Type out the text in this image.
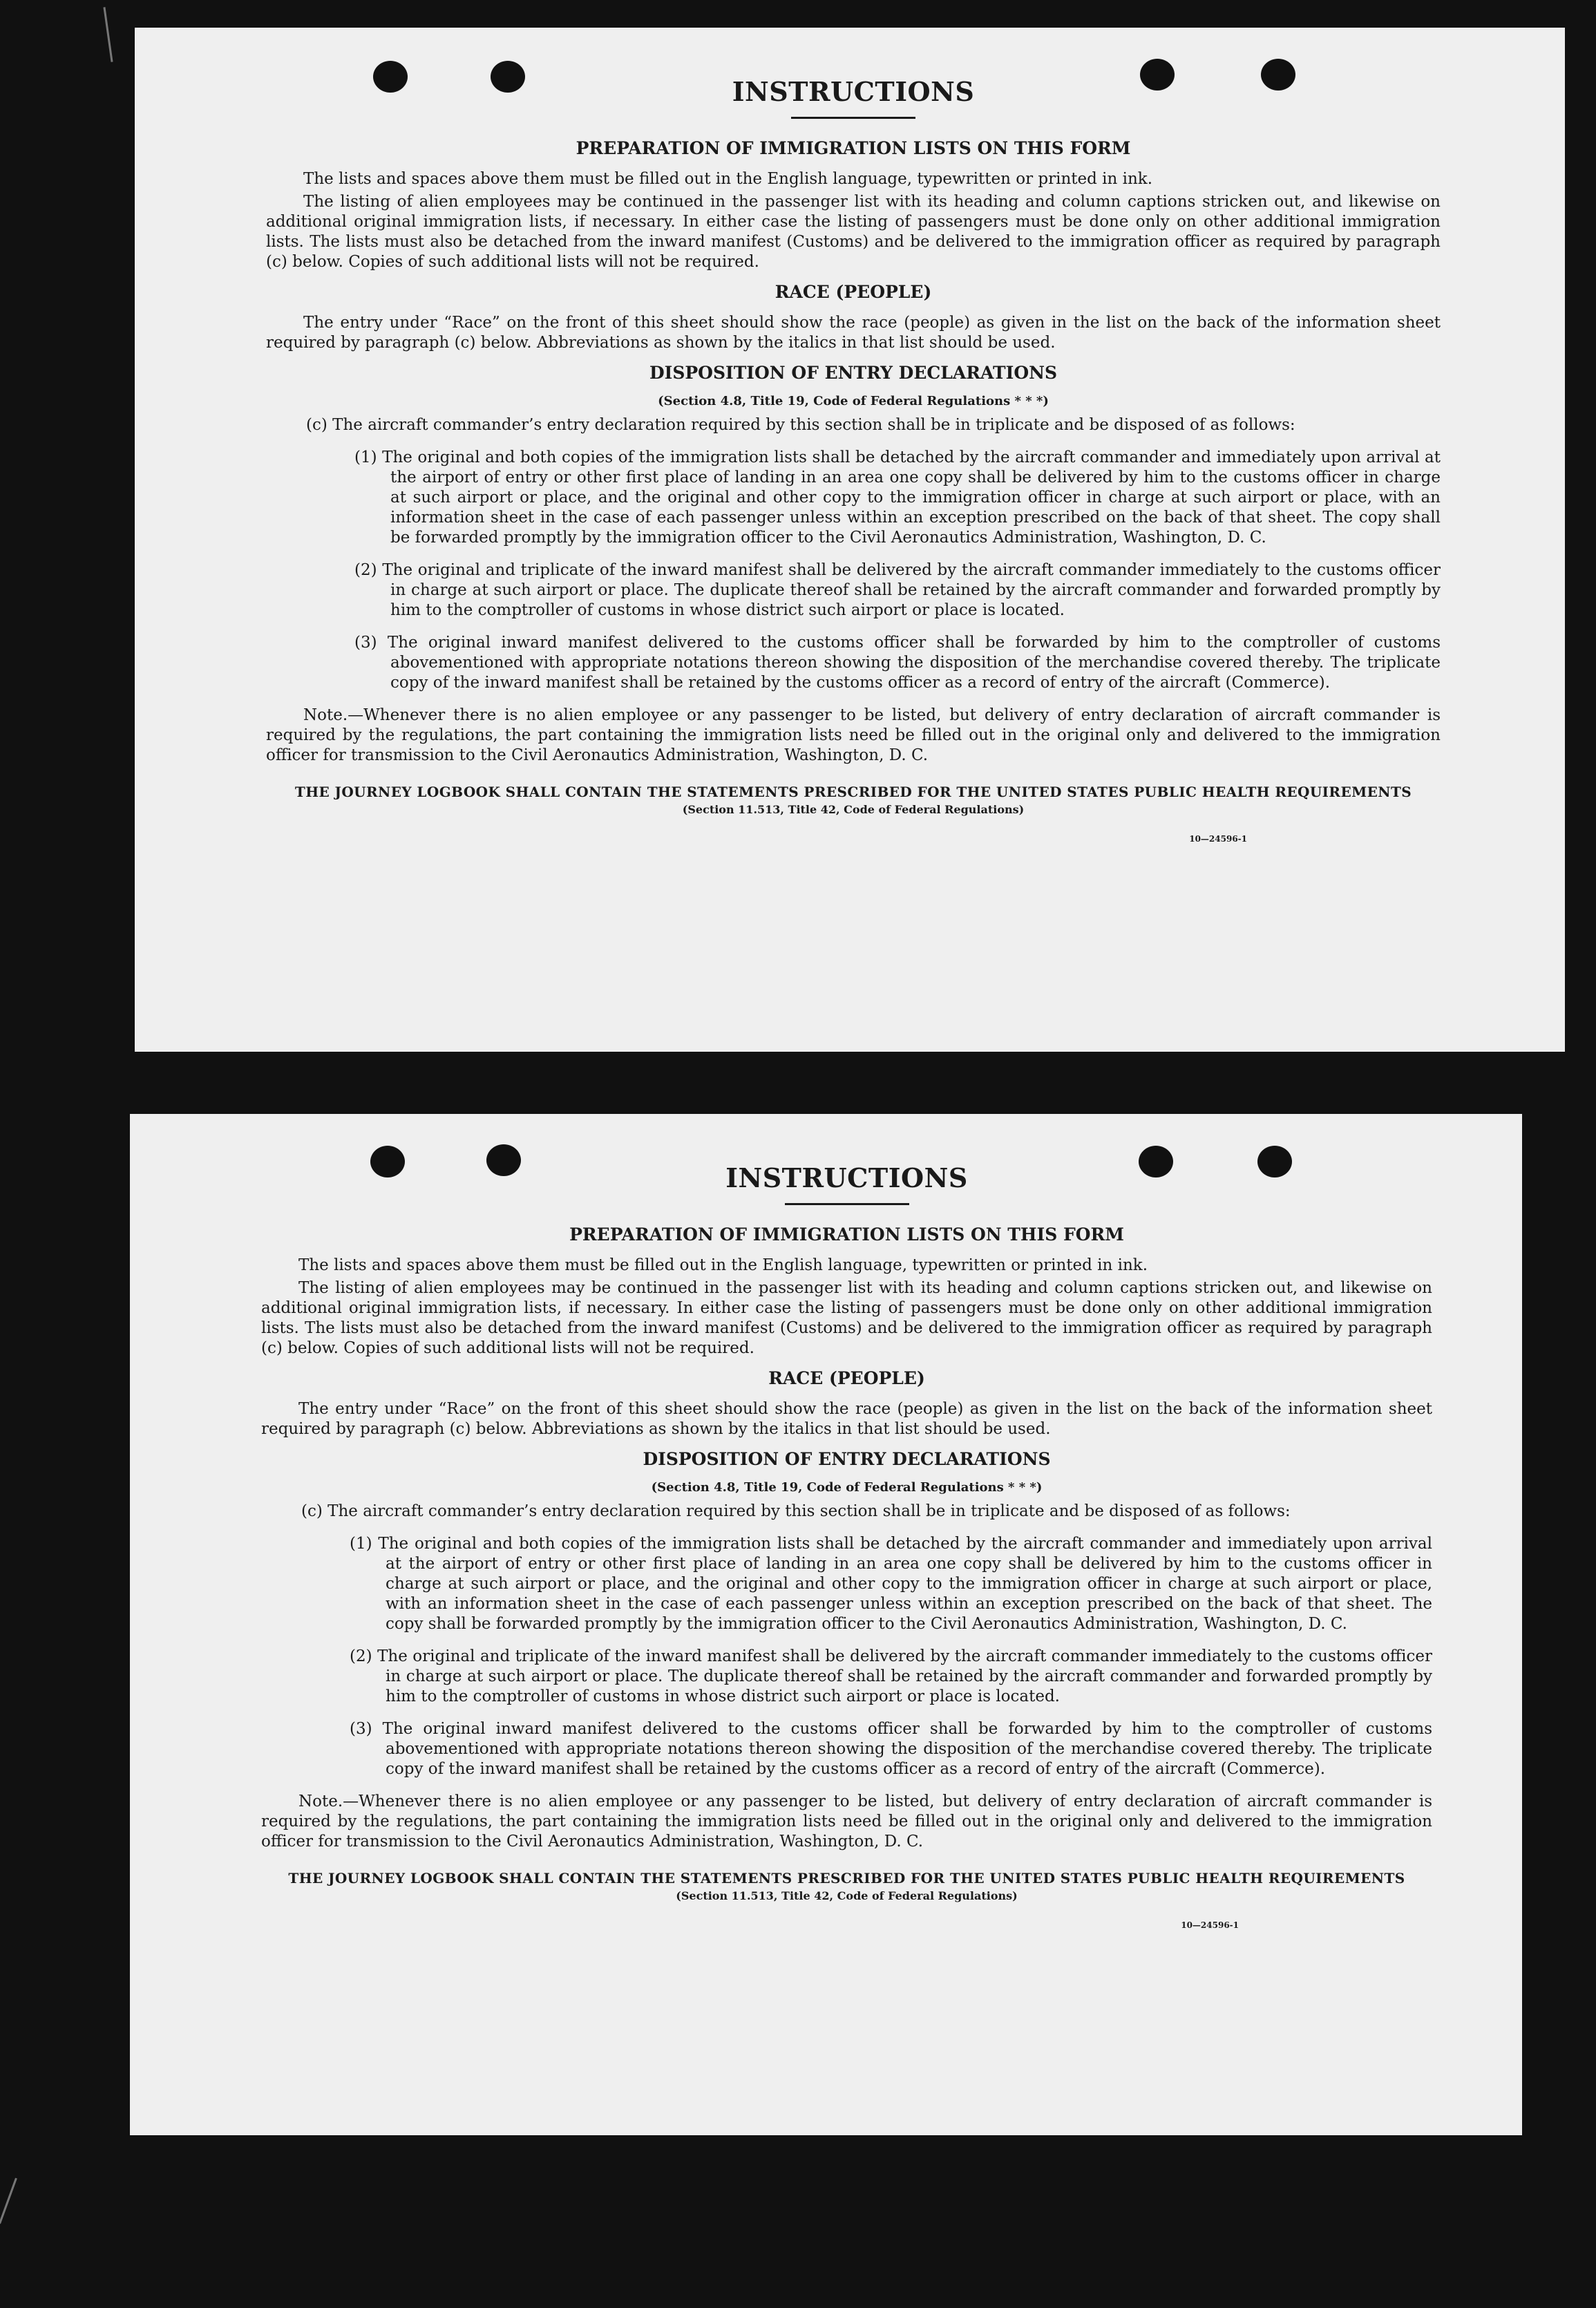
INSTRUCTIONS
PREPARATION OF IMMIGRATION LISTS ON THIS FORM

The lists and spaces above them must be filled out in the English language, typewritten or printed in ink.

The listing of alien employees may be continued in the passenger list with its heading and column captions stricken out, and likewise on additional original immigration lists, if necessary. In either case the listing of passengers must be done only on other additional immigration lists. The lists must also be detached from the inward manifest (Customs) and be delivered to the immigration officer as required by paragraph (c) below. Copies of such additional lists will not be required.

RACE (PEOPLE)

The entry under “Race” on the front of this sheet should show the race (people) as given in the list on the back of the information sheet required by paragraph (c) below. Abbreviations as shown by the italics in that list should be used.

DISPOSITION OF ENTRY DECLARATIONS
(Section 4.8, Title 19, Code of Federal Regulations * * *)

(c) The aircraft commander’s entry declaration required by this section shall be in triplicate and be disposed of as follows:

(1) The original and both copies of the immigration lists shall be detached by the aircraft commander and immediately upon arrival at the airport of entry or other first place of landing in an area one copy shall be delivered by him to the customs officer in charge at such airport or place, and the original and other copy to the immigration officer in charge at such airport or place, with an information sheet in the case of each passenger unless within an exception prescribed on the back of that sheet. The copy shall be forwarded promptly by the immigration officer to the Civil Aeronautics Administration, Washington, D. C.

(2) The original and triplicate of the inward manifest shall be delivered by the aircraft commander immediately to the customs officer in charge at such airport or place. The duplicate thereof shall be retained by the aircraft commander and forwarded promptly by him to the comptroller of customs in whose district such airport or place is located.

(3) The original inward manifest delivered to the customs officer shall be forwarded by him to the comptroller of customs abovementioned with appropriate notations thereon showing the disposition of the merchandise covered thereby. The triplicate copy of the inward manifest shall be retained by the customs officer as a record of entry of the aircraft (Commerce).

Note.—Whenever there is no alien employee or any passenger to be listed, but delivery of entry declaration of aircraft commander is required by the regulations, the part containing the immigration lists need be filled out in the original only and delivered to the immigration officer for transmission to the Civil Aeronautics Administration, Washington, D. C.

THE JOURNEY LOGBOOK SHALL CONTAIN THE STATEMENTS PRESCRIBED FOR THE UNITED STATES PUBLIC HEALTH REQUIREMENTS
(Section 11.513, Title 42, Code of Federal Regulations)
10—24596-1
INSTRUCTIONS
PREPARATION OF IMMIGRATION LISTS ON THIS FORM

The lists and spaces above them must be filled out in the English language, typewritten or printed in ink.

The listing of alien employees may be continued in the passenger list with its heading and column captions stricken out, and likewise on additional original immigration lists, if necessary. In either case the listing of passengers must be done only on other additional immigration lists. The lists must also be detached from the inward manifest (Customs) and be delivered to the immigration officer as required by paragraph (c) below. Copies of such additional lists will not be required.

RACE (PEOPLE)

The entry under “Race” on the front of this sheet should show the race (people) as given in the list on the back of the information sheet required by paragraph (c) below. Abbreviations as shown by the italics in that list should be used.

DISPOSITION OF ENTRY DECLARATIONS
(Section 4.8, Title 19, Code of Federal Regulations * * *)

(c) The aircraft commander’s entry declaration required by this section shall be in triplicate and be disposed of as follows:

(1) The original and both copies of the immigration lists shall be detached by the aircraft commander and immediately upon arrival at the airport of entry or other first place of landing in an area one copy shall be delivered by him to the customs officer in charge at such airport or place, and the original and other copy to the immigration officer in charge at such airport or place, with an information sheet in the case of each passenger unless within an exception prescribed on the back of that sheet. The copy shall be forwarded promptly by the immigration officer to the Civil Aeronautics Administration, Washington, D. C.

(2) The original and triplicate of the inward manifest shall be delivered by the aircraft commander immediately to the customs officer in charge at such airport or place. The duplicate thereof shall be retained by the aircraft commander and forwarded promptly by him to the comptroller of customs in whose district such airport or place is located.

(3) The original inward manifest delivered to the customs officer shall be forwarded by him to the comptroller of customs abovementioned with appropriate notations thereon showing the disposition of the merchandise covered thereby. The triplicate copy of the inward manifest shall be retained by the customs officer as a record of entry of the aircraft (Commerce).

Note.—Whenever there is no alien employee or any passenger to be listed, but delivery of entry declaration of aircraft commander is required by the regulations, the part containing the immigration lists need be filled out in the original only and delivered to the immigration officer for transmission to the Civil Aeronautics Administration, Washington, D. C.

THE JOURNEY LOGBOOK SHALL CONTAIN THE STATEMENTS PRESCRIBED FOR THE UNITED STATES PUBLIC HEALTH REQUIREMENTS
(Section 11.513, Title 42, Code of Federal Regulations)
10—24596-1
